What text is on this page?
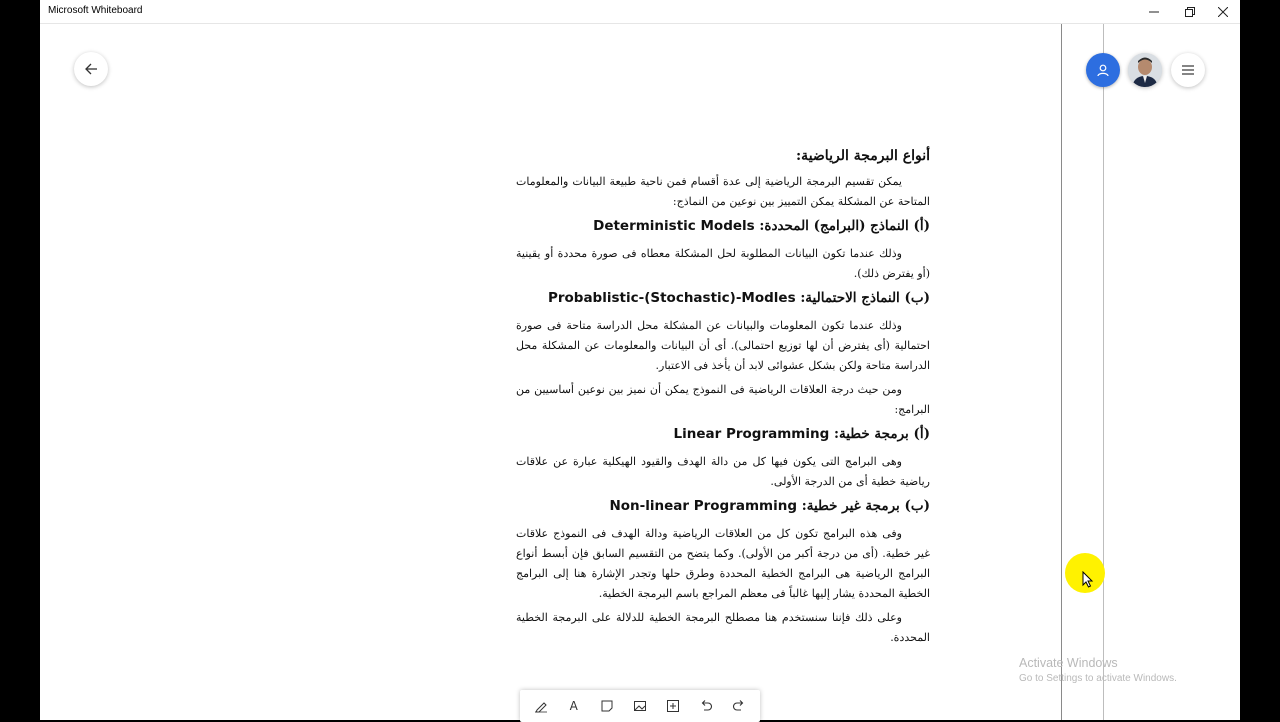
Microsoft Whiteboard
أنواع البرمجة الرياضية:
يمكن تقسيم البرمجة الرياضية إلى عدة أقسام فمن ناحية طبيعة البيانات والمعلومات المتاحة عن المشكلة يمكن التمييز بين نوعين من النماذج:
(أ) النماذج (البرامج) المحددة: Deterministic Models
وذلك عندما تكون البيانات المطلوبة لحل المشكلة معطاه فى صورة محددة أو يقينية (أو يفترض ذلك).
(ب) النماذج الاحتمالية: Probablistic-(Stochastic)-Modles
وذلك عندما تكون المعلومات والبيانات عن المشكلة محل الدراسة متاحة فى صورة احتمالية (أى يفترض أن لها توزيع احتمالى). أى أن البيانات والمعلومات عن المشكلة محل الدراسة متاحة ولكن بشكل عشوائى لابد أن يأخذ فى الاعتبار.
ومن حيث درجة العلاقات الرياضية فى النموذج يمكن أن نميز بين نوعين أساسيين من البرامج:
(أ) برمجة خطية: Linear Programming
وهى البرامج التى يكون فيها كل من دالة الهدف والقيود الهيكلية عبارة عن علاقات رياضية خطية أى من الدرجة الأولى.
(ب) برمجة غير خطية: Non-linear Programming
وفى هذه البرامج تكون كل من العلاقات الرياضية ودالة الهدف فى النموذج علاقات غير خطية. (أى من درجة أكبر من الأولى). وكما يتضح من التقسيم السابق فإن أبسط أنواع البرامج الرياضية هى البرامج الخطية المحددة وطرق حلها وتجدر الإشارة هنا إلى البرامج الخطية المحددة يشار إليها غالباً فى معظم المراجع باسم البرمجة الخطية.
وعلى ذلك فإننا سنستخدم هنا مصطلح البرمجة الخطية للدلالة على البرمجة الخطية المحددة.
A
Activate Windows
Go to Settings to activate Windows.
